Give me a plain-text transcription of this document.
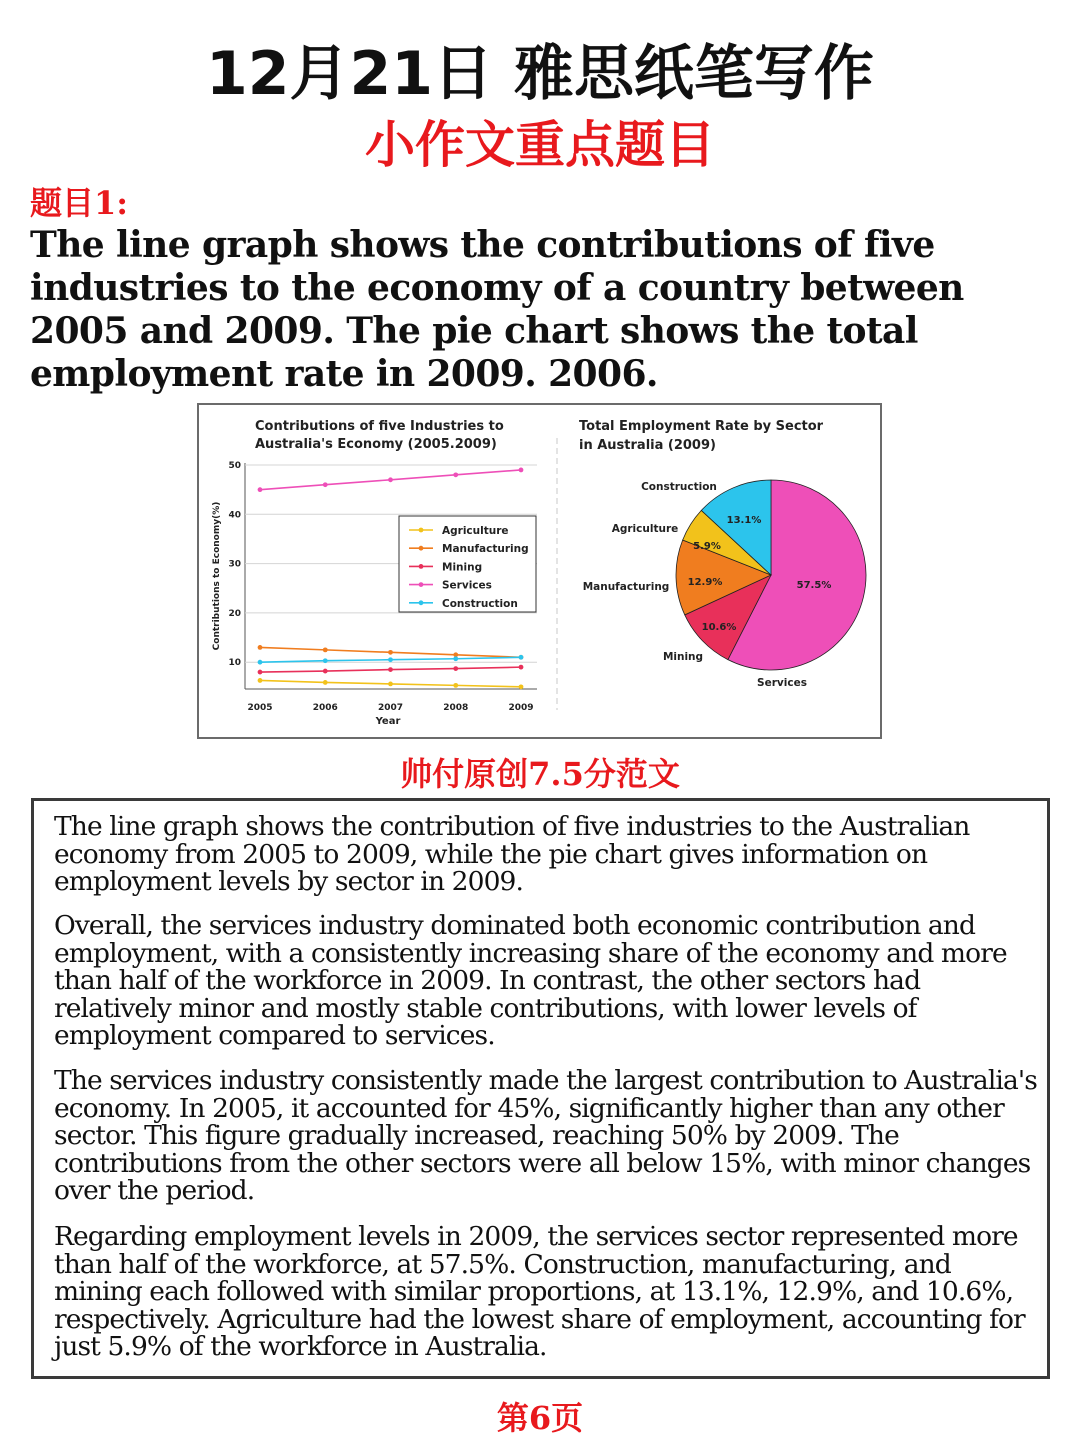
12月21日 雅思纸笔写作
小作文重点题目
题目1:
The line graph shows the contributions of five industries to the economy of a country between 2005 and 2009. The pie chart shows the total employment rate in 2009. 2006.
Contributions of five Industries to
Australia's Economy (2005.2009)
Contributions to Economy(%)
Year
10
20
30
40
50
2005	2006	2007	2008	2009
Agriculture
Manufacturing
Mining
Services
Construction
Total Employment Rate by Sector
in Australia (2009)
Construction
Agriculture
Manufacturing
Mining
Services
13.1%
5.9%
12.9%
10.6%
57.5%
帅付原创7.5分范文
The line graph shows the contribution of five industries to the Australian economy from 2005 to 2009, while the pie chart gives information on employment levels by sector in 2009.
Overall, the services industry dominated both economic contribution and employment, with a consistently increasing share of the economy and more than half of the workforce in 2009. In contrast, the other sectors had relatively minor and mostly stable contributions, with lower levels of employment compared to services.
The services industry consistently made the largest contribution to Australia's economy. In 2005, it accounted for 45%, significantly higher than any other sector. This figure gradually increased, reaching 50% by 2009. The contributions from the other sectors were all below 15%, with minor changes over the period.
Regarding employment levels in 2009, the services sector represented more than half of the workforce, at 57.5%. Construction, manufacturing, and mining each followed with similar proportions, at 13.1%, 12.9%, and 10.6%, respectively. Agriculture had the lowest share of employment, accounting for just 5.9% of the workforce in Australia.
第6页
